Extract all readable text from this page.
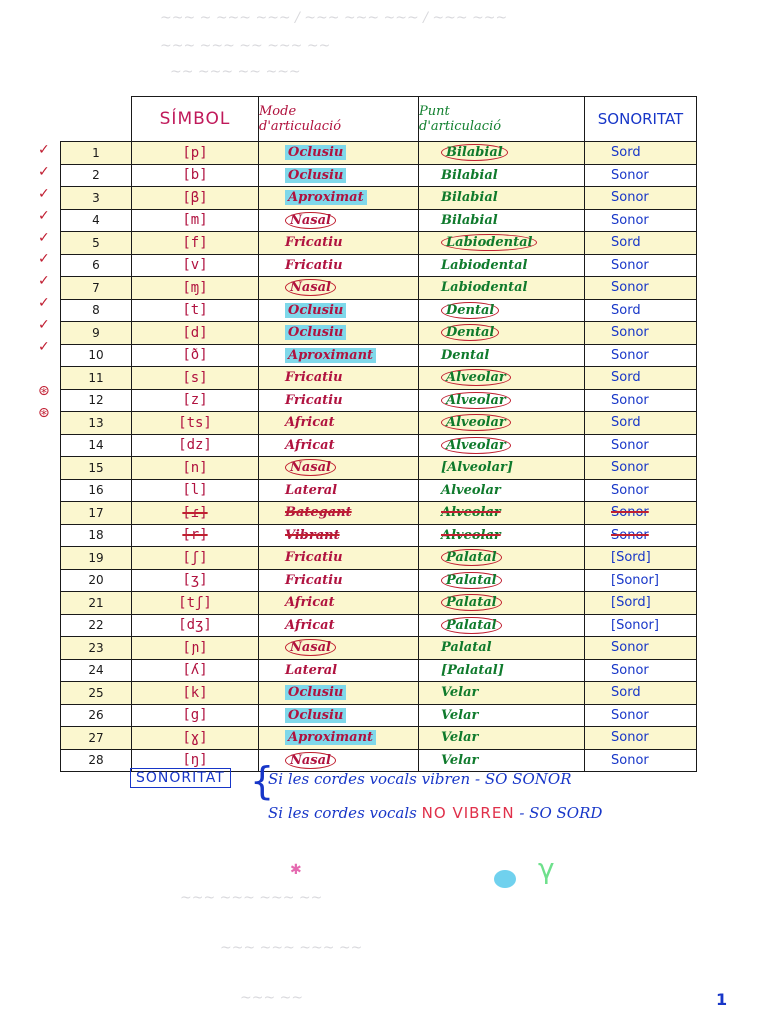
~~~ ~ ~~~ ~~~ / ~~~ ~~~ ~~~ / ~~~ ~~~
~~~ ~~~ ~~ ~~~ ~~
~~ ~~~ ~~ ~~~
~~~ ~~~ ~~~ ~~
~~~ ~~~ ~~~ ~~
~~~ ~~
✓
✓
✓
✓
✓
✓
✓
✓
✓
✓
⊛
⊛
	SÍMBOL	Mode
d'articulació	Punt
d'articulació	SONORITAT
1	[p]	Oclusiu	Bilabial	Sord
2	[b]	Oclusiu	Bilabial	Sonor
3	[β]	Aproximat	Bilabial	Sonor
4	[m]	Nasal	Bilabial	Sonor
5	[f]	Fricatiu	Labiodental	Sord
6	[v]	Fricatiu	Labiodental	Sonor
7	[ɱ]	Nasal	Labiodental	Sonor
8	[t]	Oclusiu	Dental	Sord
9	[d]	Oclusiu	Dental	Sonor
10	[ð]	Aproximant	Dental	Sonor
11	[s]	Fricatiu	Alveolar	Sord
12	[z]	Fricatiu	Alveolar	Sonor
13	[ts]	Africat	Alveolar	Sord
14	[dz]	Africat	Alveolar	Sonor
15	[n]	Nasal	[Alveolar]	Sonor
16	[l]	Lateral	Alveolar	Sonor
17	[ɾ]	Bategant	Alveolar	Sonor
18	[r]	Vibrant	Alveolar	Sonor
19	[ʃ]	Fricatiu	Palatal	[Sord]
20	[ʒ]	Fricatiu	Palatal	[Sonor]
21	[tʃ]	Africat	Palatal	[Sord]
22	[dʒ]	Africat	Palatal	[Sonor]
23	[ɲ]	Nasal	Palatal	Sonor
24	[ʎ]	Lateral	[Palatal]	Sonor
25	[k]	Oclusiu	Velar	Sord
26	[g]	Oclusiu	Velar	Sonor
27	[ɣ]	Aproximant	Velar	Sonor
28	[ŋ]	Nasal	Velar	Sonor
SONORITAT {
Si les cordes vocals vibren - SO SONOR
Si les cordes vocals NO VIBREN - SO SORD
✱	γ
1
